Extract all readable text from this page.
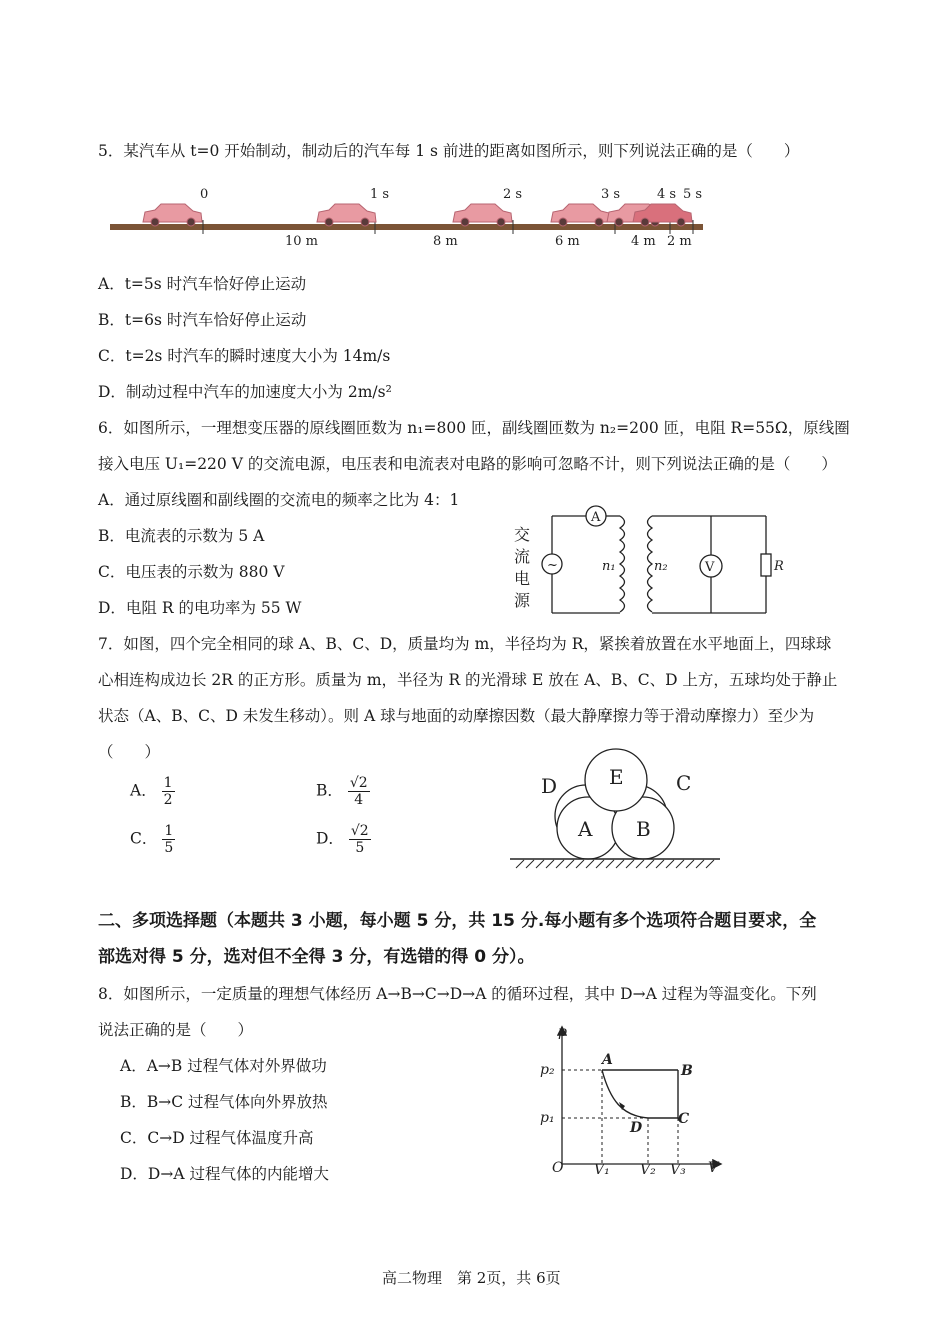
5．某汽车从 t=0 开始制动，制动后的汽车每 1 s 前进的距离如图所示，则下列说法正确的是（　　）
0	1 s	2 s	3 s	4 s 5 s
10 m	8 m	6 m	4 m 2 m
A．t=5s 时汽车恰好停止运动
B．t=6s 时汽车恰好停止运动
C．t=2s 时汽车的瞬时速度大小为 14m/s
D．制动过程中汽车的加速度大小为 2m/s²
6．如图所示，一理想变压器的原线圈匝数为 n₁=800 匝，副线圈匝数为 n₂=200 匝，电阻 R=55Ω，原线圈
接入电压 U₁=220 V 的交流电源，电压表和电流表对电路的影响可忽略不计，则下列说法正确的是（　　）
A．通过原线圈和副线圈的交流电的频率之比为 4：1
B．电流表的示数为 5 A
C．电压表的示数为 880 V
D．电阻 R 的电功率为 55 W
A
~	V
n₁	n₂	R
交
流
电
源
7．如图，四个完全相同的球 A、B、C、D，质量均为 m，半径均为 R，紧挨着放置在水平地面上，四球球
心相连构成边长 2R 的正方形。质量为 m，半径为 R 的光滑球 E 放在 A、B、C、D 上方，五球均处于静止
状态（A、B、C、D 未发生移动）。则 A 球与地面的动摩擦因数（最大静摩擦力等于滑动摩擦力）至少为
（　　）
A． $\frac{1}{2}$	B． $\frac{√2}{4}$
C． $\frac{1}{5}$	D． $\frac{√2}{5}$
D	E	C
A B
二、多项选择题（本题共 3 小题，每小题 5 分，共 15 分.每小题有多个选项符合题目要求，全
部选对得 5 分，选对但不全得 3 分，有选错的得 0 分）。
8．如图所示，一定质量的理想气体经历 A→B→C→D→A 的循环过程，其中 D→A 过程为等温变化。下列
说法正确的是（　　）
A．A→B 过程气体对外界做功
B．B→C 过程气体向外界放热
C．C→D 过程气体温度升高
D．D→A 过程气体的内能增大
p
V
O
p₂
p₁
V₁ V₂ V₃
A
B
C
D
高二物理　第 2页，共 6页
